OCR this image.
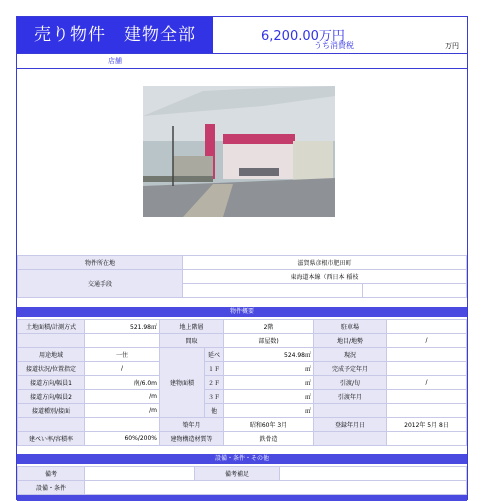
売り物件　建物全部	6,200.00万円
うち消費税	万円
店舗
物件所在地	滋賀県彦根市肥田町	
交通手段	東海道本線（西日本 稲枝	

物件概要
土地面積/計測方式	521.98㎡	地上階層		2階	駐車場	
		間取		部屋数)	地目/地勢	/
用途地域	一住	建物面積	延べ	524.98㎡	現況	
接道状況/位置指定	/		１Ｆ	㎡	完成予定年月	
接道方向/幅員1	南/6.0m		２Ｆ	㎡	引渡/旬	/
接道方向/幅員2	/m		３Ｆ	㎡	引渡年月	
接道種別/接面	/m		他	㎡		
		築年月		昭和60年 3月	登録年月日	2012年 5月 8日
建ぺい率/容積率	60%/200%	建物構造材質等		鉄骨造		
設備・条件・その他
備考		備考補足	
設備・条件			
